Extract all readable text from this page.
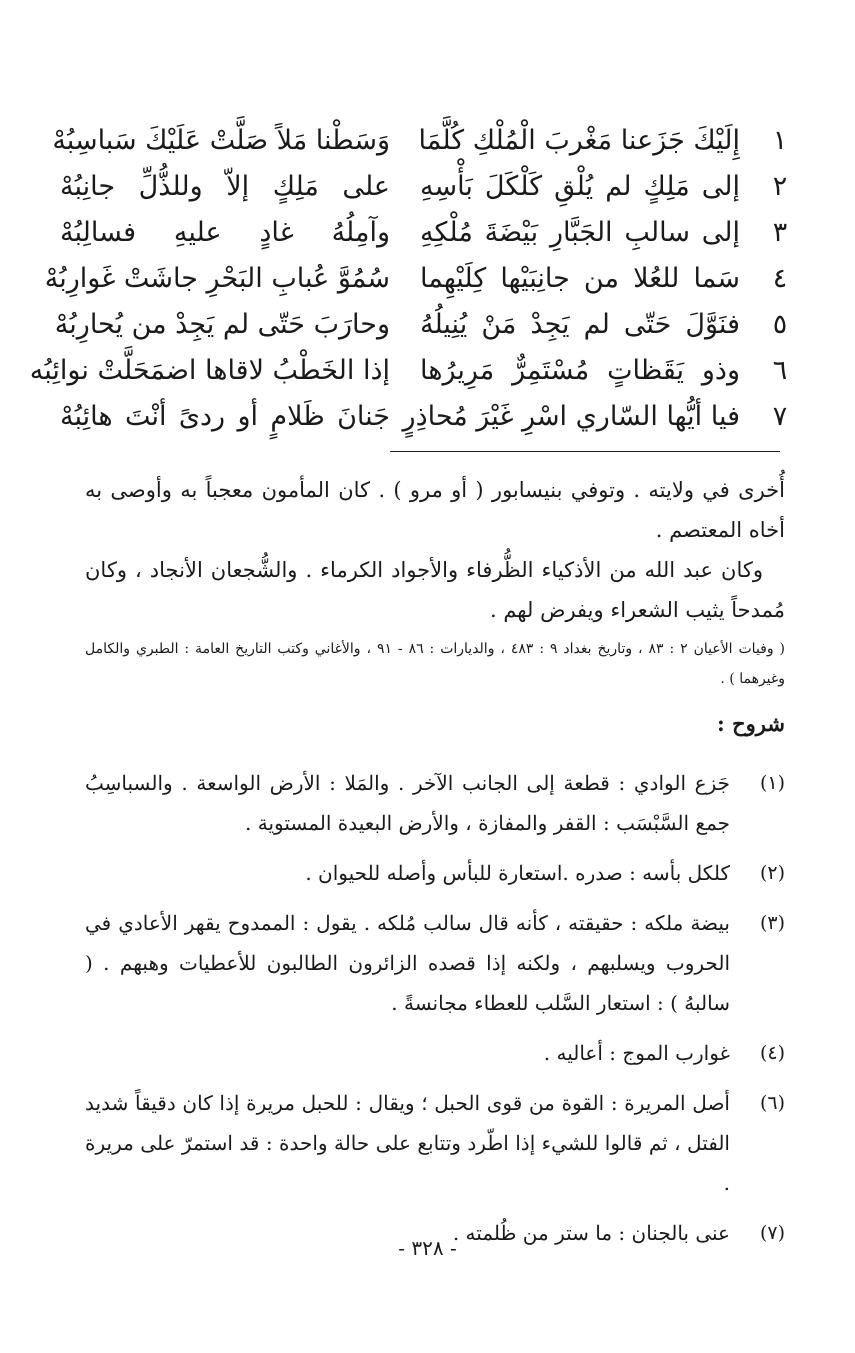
١
إِلَيْكَ جَزَعنا مَغْربَ الْمُلْكِ كُلَّمَا
وَسَطْنا مَلاً صَلَّتْ عَلَيْكَ سَباسِبُهْ
٢
إلى مَلِكٍ لم يُلْقِ كَلْكَلَ بَأْسِهِ
على مَلِكٍ إلاّ وللذُّلِّ جانِبُهْ
٣
إلى سالبِ الجَبَّارِ بَيْضَةَ مُلْكِهِ
وآمِلُهُ غادٍ عليهِ فسالِبُهْ
٤
سَما للعُلا من جانِبَيْها كِلَيْهِما
سُمُوَّ عُبابِ البَحْرِ جاشَتْ غَوارِبُهْ
٥
فنَوَّلَ حَتّى لم يَجِدْ مَنْ يُنِيلُهُ
وحارَبَ حَتّى لم يَجِدْ من يُحارِبُهْ
٦
وذو يَقَظاتٍ مُسْتَمِرٌّ مَرِيرُها
إذا الخَطْبُ لاقاها اضمَحَلَّتْ نوائِبُه
٧
فيا أيُّها السّاري اسْرِ غَيْرَ مُحاذِرٍ
جَنانَ ظَلامٍ أو ردىً أنْتَ هائِبُهْ

أُخرى في ولايته . وتوفي بنيسابور ( أو مرو ) . كان المأمون معجباً به وأوصى به أخاه المعتصم .

وكان عبد الله من الأذكياء الظُّرفاء والأجواد الكرماء . والشُّجعان الأنجاد ، وكان مُمدحاً يثيب الشعراء ويفرض لهم .

( وفيات الأعيان ٢ : ٨٣ ، وتاريخ بغداد ٩ : ٤٨٣ ، والديارات : ٨٦ - ٩١ ، والأغاني وكتب التاريخ العامة : الطبري والكامل وغيرهما ) .

شروح :

(١)
جَزع الوادي : قطعة إلى الجانب الآخر . والمَلا : الأرض الواسعة . والسباسِبُ جمع السَّبْسَب : القفر والمفازة ، والأرض البعيدة المستوية .
(٢)
كلكل بأسه : صدره .استعارة للبأس وأصله للحيوان .
(٣)
بيضة ملكه : حقيقته ، كأنه قال سالب مُلكه . يقول : الممدوح يقهر الأعادي في الحروب ويسلبهم ، ولكنه إذا قصده الزائرون الطالبون للأعطيات وهبهم . ( سالبهُ ) : استعار السَّلب للعطاء مجانسةً .
(٤)
غوارب الموج : أعاليه .
(٦)
أصل المريرة : القوة من قوى الحبل ؛ ويقال : للحبل مريرة إذا كان دقيقاً شديد الفتل ، ثم قالوا للشيء إذا اطّرد وتتابع على حالة واحدة : قد استمرّ على مريرة .
(٧)
عنى بالجنان : ما ستر من ظُلمته .
- ٣٢٨ -
